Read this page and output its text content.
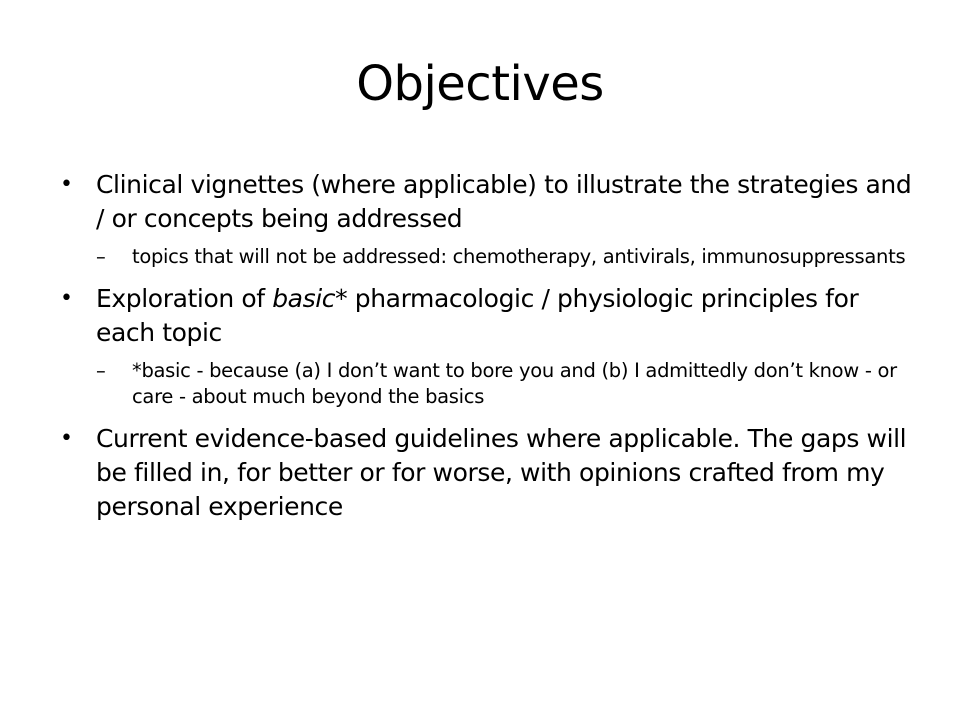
Objectives
• Clinical vignettes (where applicable) to illustrate the strategies and / or concepts being addressed
–	topics that will not be addressed: chemotherapy, antivirals, immunosuppressants
• Exploration of basic* pharmacologic / physiologic principles for each topic
–	*basic - because (a) I don’t want to bore you and (b) I admittedly don’t know - or care - about much beyond the basics
• Current evidence-based guidelines where applicable. The gaps will be filled in, for better or for worse, with opinions crafted from my personal experience
